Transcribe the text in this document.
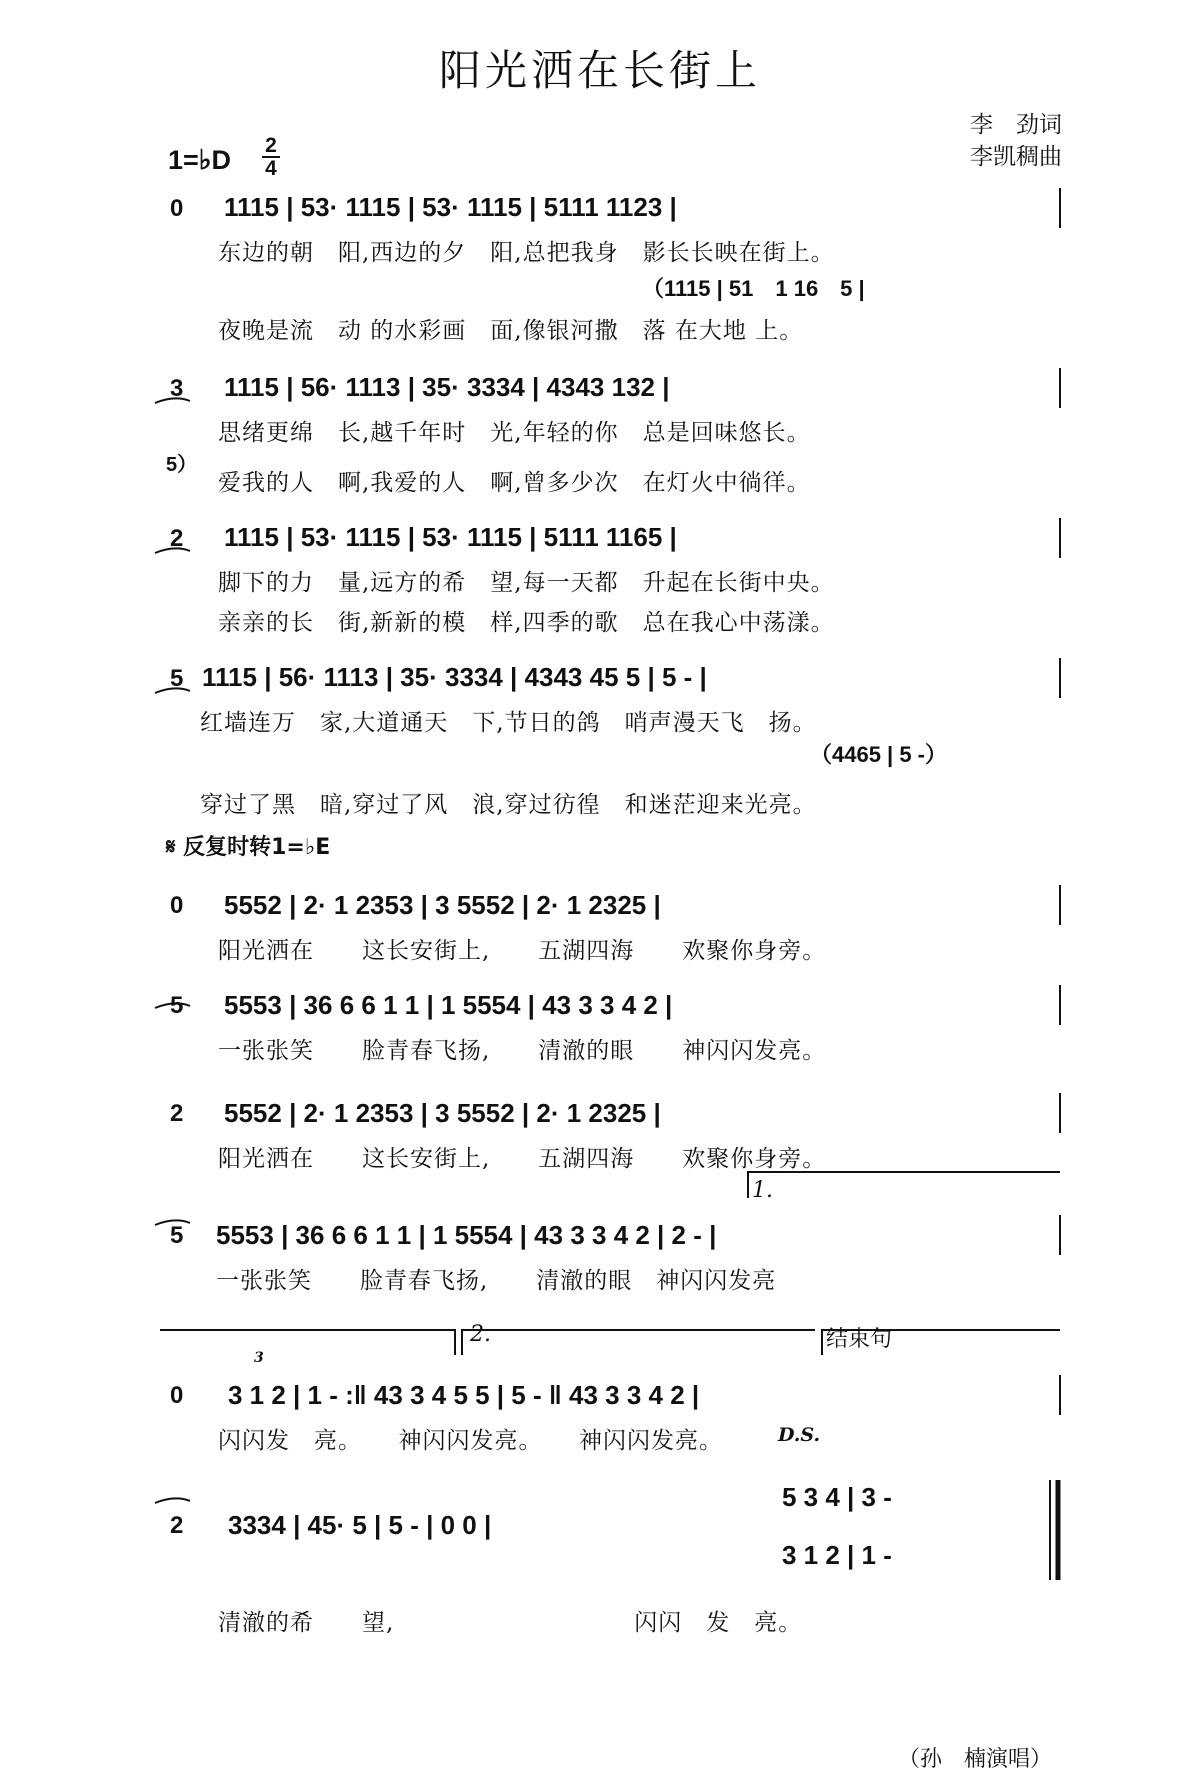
阳光洒在长街上
李　劲词
李凯稠曲
1=♭D 2
4
0 1115 | 53· 1115 | 53· 1115 | 5111 1123 |
东边的朝　阳,西边的夕　阳,总把我身　影长长映在街上。
（1115 | 51　1 16　5 |
夜晚是流　动 的水彩画　面,像银河撒　落 在大地 上。
3 1115 | 56· 1113 | 35· 3334 | 4343 132 |
思绪更绵　长,越千年时　光,年轻的你　总是回味悠长。
5）
爱我的人　啊,我爱的人　啊,曾多少次　在灯火中徜徉。
2 1115 | 53· 1115 | 53· 1115 | 5111 1165 |
脚下的力　量,远方的希　望,每一天都　升起在长街中央。
亲亲的长　街,新新的模　样,四季的歌　总在我心中荡漾。
5 1115 | 56· 1113 | 35· 3334 | 4343 45 5 | 5 - |
红墙连万　家,大道通天　下,节日的鸽　哨声漫天飞　扬。
（4465 | 5 -）
穿过了黑　暗,穿过了风　浪,穿过彷徨　和迷茫迎来光亮。
𝄋 反复时转1=♭E
0 5552 | 2· 1 2353 | 3 5552 | 2· 1 2325 |
阳光洒在　　这长安街上,　　五湖四海　　欢聚你身旁。
5 5553 | 36 6 6 1 1 | 1 5554 | 43 3 3 4 2 |
一张张笑　　脸青春飞扬,　　清澈的眼　　神闪闪发亮。
2 5552 | 2· 1 2353 | 3 5552 | 2· 1 2325 |
阳光洒在　　这长安街上,　　五湖四海　　欢聚你身旁。
1.
5 5553 | 36 6 6 1 1 | 1 5554 | 43 3 3 4 2 | 2 - |
一张张笑　　脸青春飞扬,　　清澈的眼　神闪闪发亮
2.	结束句
3
0 3 1 2 | 1 - :‖ 43 3 4 5 5 | 5 - ‖ 43 3 3 4 2 |
闪闪发　亮。　　神闪闪发亮。　　神闪闪发亮。	D.S.
2 3334 | 45· 5 | 5 - | 0 0 |
5 3 4 | 3 -
3 1 2 | 1 -
清澈的希　　望,　　　　　　　　　　闪闪　发　亮。
（孙　楠演唱）
